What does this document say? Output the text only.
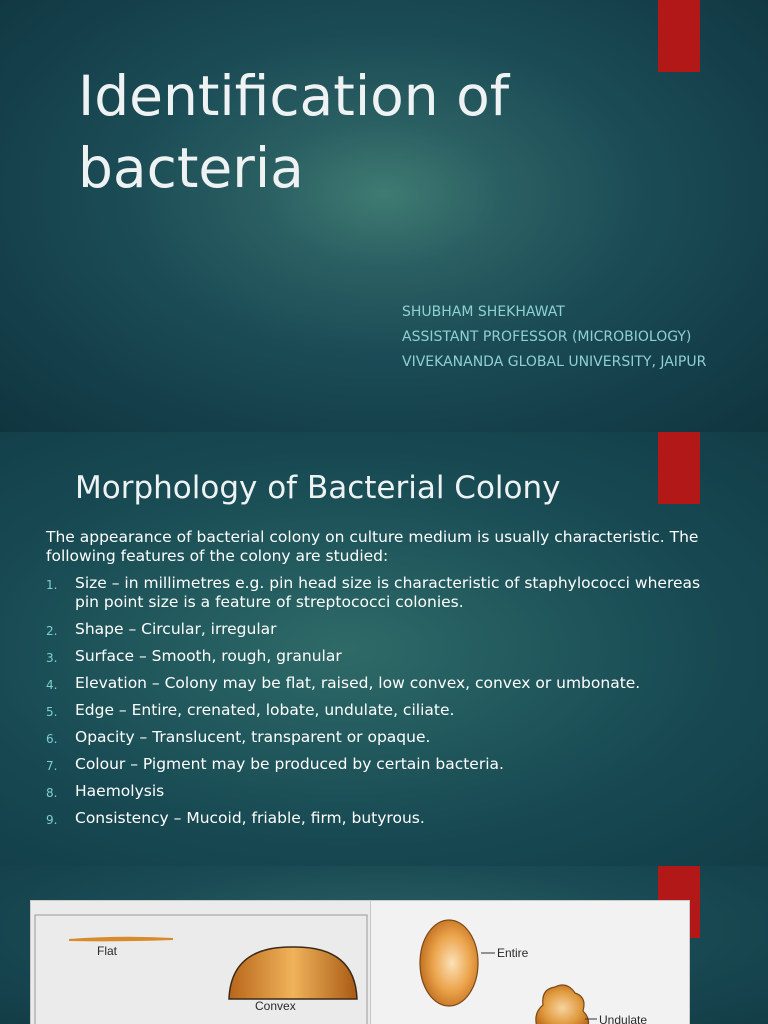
Identification of bacteria

SHUBHAM SHEKHAWAT

ASSISTANT PROFESSOR (MICROBIOLOGY)

VIVEKANANDA GLOBAL UNIVERSITY, JAIPUR

Morphology of Bacterial Colony

The appearance of bacterial colony on culture medium is usually characteristic. The following features of the colony are studied:

1. Size – in millimetres e.g. pin head size is characteristic of staphylococci whereas pin point size is a feature of streptococci colonies.
2. Shape – Circular, irregular
3. Surface – Smooth, rough, granular
4. Elevation – Colony may be flat, raised, low convex, convex or umbonate.
5. Edge – Entire, crenated, lobate, undulate, ciliate.
6. Opacity – Translucent, transparent or opaque.
7. Colour – Pigment may be produced by certain bacteria.
8. Haemolysis
9. Consistency – Mucoid, friable, firm, butyrous.
Flat
Convex
Entire
Undulate
